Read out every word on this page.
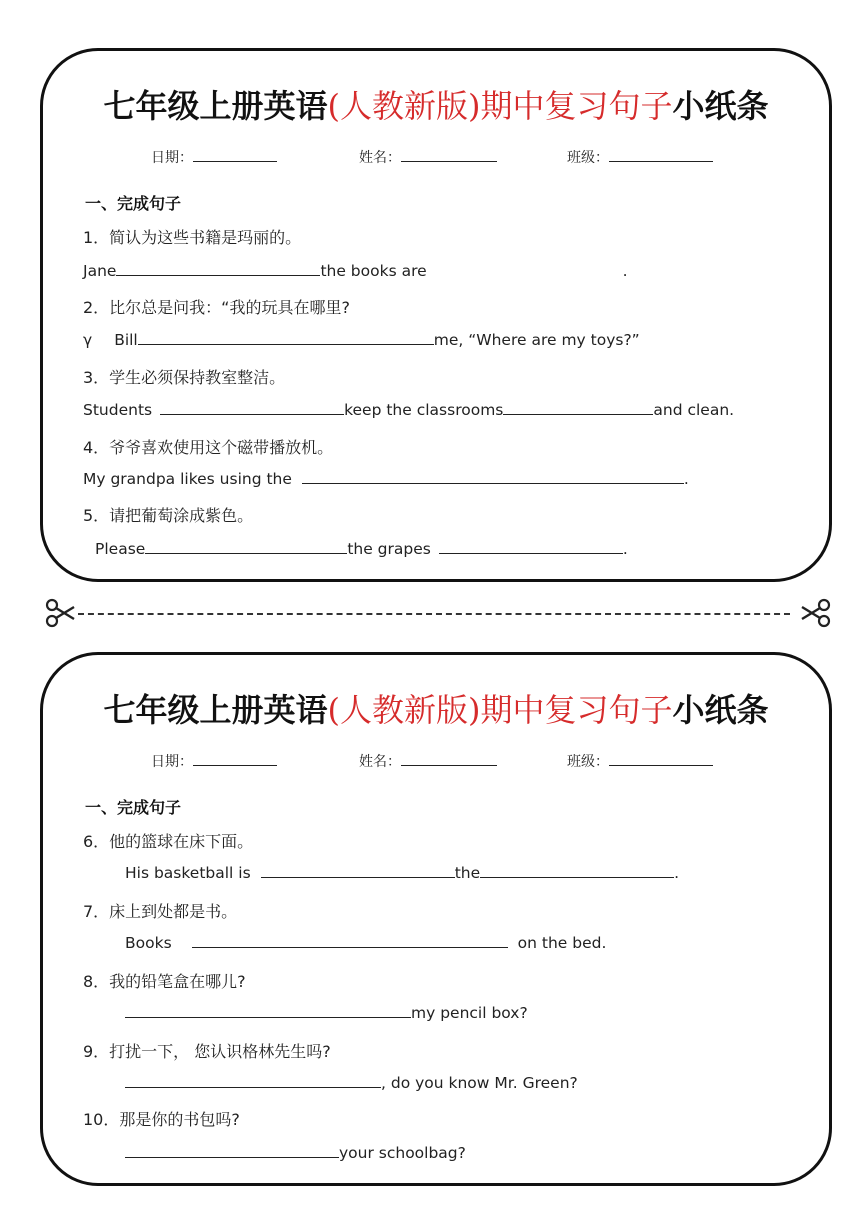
七年级上册英语(人教新版)期中复习句子小纸条
日期：	姓名：	班级：
一、完成句子
1．简认为这些书籍是玛丽的。
Jane	the books are	.
2．比尔总是问我：“我的玩具在哪里?
γ Bill	me, “Where are my toys?”
3．学生必须保持教室整洁。
Students	keep the classrooms	and clean.
4．爷爷喜欢使用这个磁带播放机。
My grandpa likes using the	.
5．请把葡萄涂成紫色。
Please	the grapes	.
七年级上册英语(人教新版)期中复习句子小纸条
日期：	姓名：	班级：
一、完成句子
6．他的篮球在床下面。
His basketball is	the	.
7．床上到处都是书。
Books	on the bed.
8．我的铅笔盒在哪儿?
my pencil box?
9．打扰一下， 您认识格林先生吗?
, do you know Mr. Green?
10．那是你的书包吗?
your schoolbag?
